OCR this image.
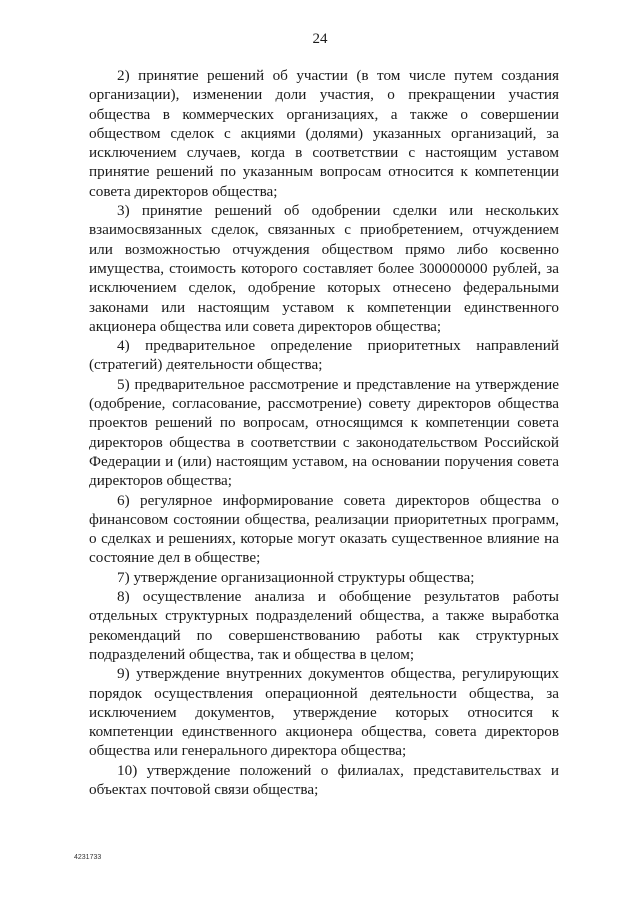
24

2) принятие решений об участии (в том числе путем создания организации), изменении доли участия, о прекращении участия общества в коммерческих организациях, а также о совершении обществом сделок с акциями (долями) указанных организаций, за исключением случаев, когда в соответствии с настоящим уставом принятие решений по указанным вопросам относится к компетенции совета директоров общества;

3) принятие решений об одобрении сделки или нескольких взаимосвязанных сделок, связанных с приобретением, отчуждением или возможностью отчуждения обществом прямо либо косвенно имущества, стоимость которого составляет более 300000000 рублей, за исключением сделок, одобрение которых отнесено федеральными законами или настоящим уставом к компетенции единственного акционера общества или совета директоров общества;

4) предварительное определение приоритетных направлений (стратегий) деятельности общества;

5) предварительное рассмотрение и представление на утверждение (одобрение, согласование, рассмотрение) совету директоров общества проектов решений по вопросам, относящимся к компетенции совета директоров общества в соответствии с законодательством Российской Федерации и (или) настоящим уставом, на основании поручения совета директоров общества;

6) регулярное информирование совета директоров общества о финансовом состоянии общества, реализации приоритетных программ, о сделках и решениях, которые могут оказать существенное влияние на состояние дел в обществе;

7) утверждение организационной структуры общества;

8) осуществление анализа и обобщение результатов работы отдельных структурных подразделений общества, а также выработка рекомендаций по совершенствованию работы как структурных подразделений общества, так и общества в целом;

9) утверждение внутренних документов общества, регулирующих порядок осуществления операционной деятельности общества, за исключением документов, утверждение которых относится к компетенции единственного акционера общества, совета директоров общества или генерального директора общества;

10) утверждение положений о филиалах, представительствах и объектах почтовой связи общества;

4231733
